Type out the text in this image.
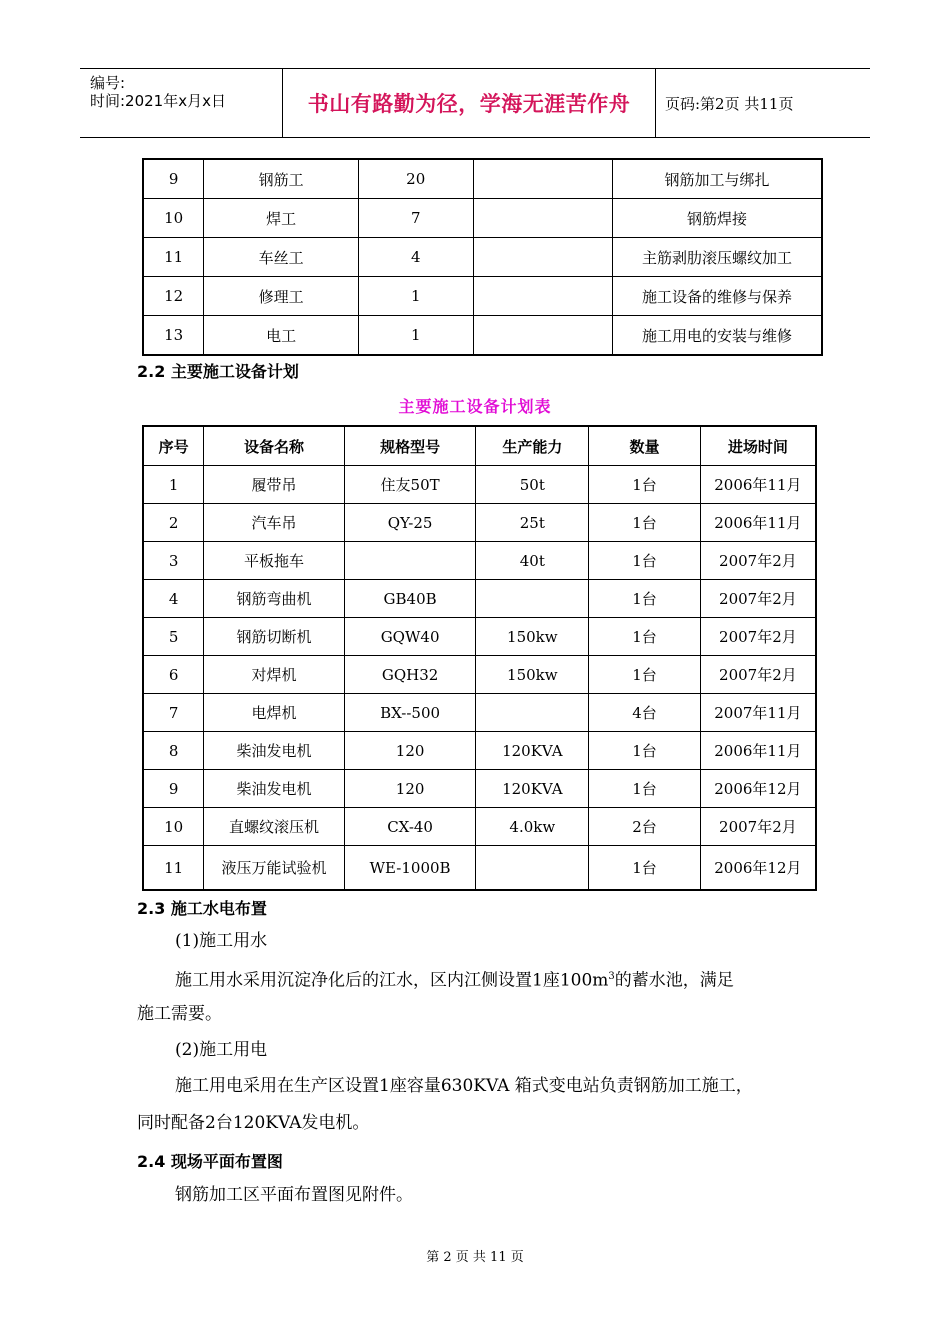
编号:
时间:2021年x月x日	书山有路勤为径，学海无涯苦作舟	页码:第2页 共11页
9	钢筋工	20		钢筋加工与绑扎
10	焊工	7		钢筋焊接
11	车丝工	4		主筋剥肋滚压螺纹加工
12	修理工	1		施工设备的维修与保养
13	电工	1		施工用电的安装与维修
2.2 主要施工设备计划
主要施工设备计划表
序号	设备名称	规格型号	生产能力	数量	进场时间
1	履带吊	住友50T	50t	1台	2006年11月
2	汽车吊	QY-25	25t	1台	2006年11月
3	平板拖车		40t	1台	2007年2月
4	钢筋弯曲机	GB40B		1台	2007年2月
5	钢筋切断机	GQW40	150kw	1台	2007年2月
6	对焊机	GQH32	150kw	1台	2007年2月
7	电焊机	BX--500		4台	2007年11月
8	柴油发电机	120	120KVA	1台	2006年11月
9	柴油发电机	120	120KVA	1台	2006年12月
10	直螺纹滚压机	CX-40	4.0kw	2台	2007年2月
11	液压万能试验机	WE-1000B		1台	2006年12月
2.3 施工水电布置
(1)施工用水
施工用水采用沉淀净化后的江水，区内江侧设置1座$100m^3$的蓄水池，满足
施工需要。
(2)施工用电
施工用电采用在生产区设置1座容量630KVA 箱式变电站负责钢筋加工施工，
同时配备2台120KVA发电机。
2.4 现场平面布置图
钢筋加工区平面布置图见附件。
第 2 页 共 11 页
